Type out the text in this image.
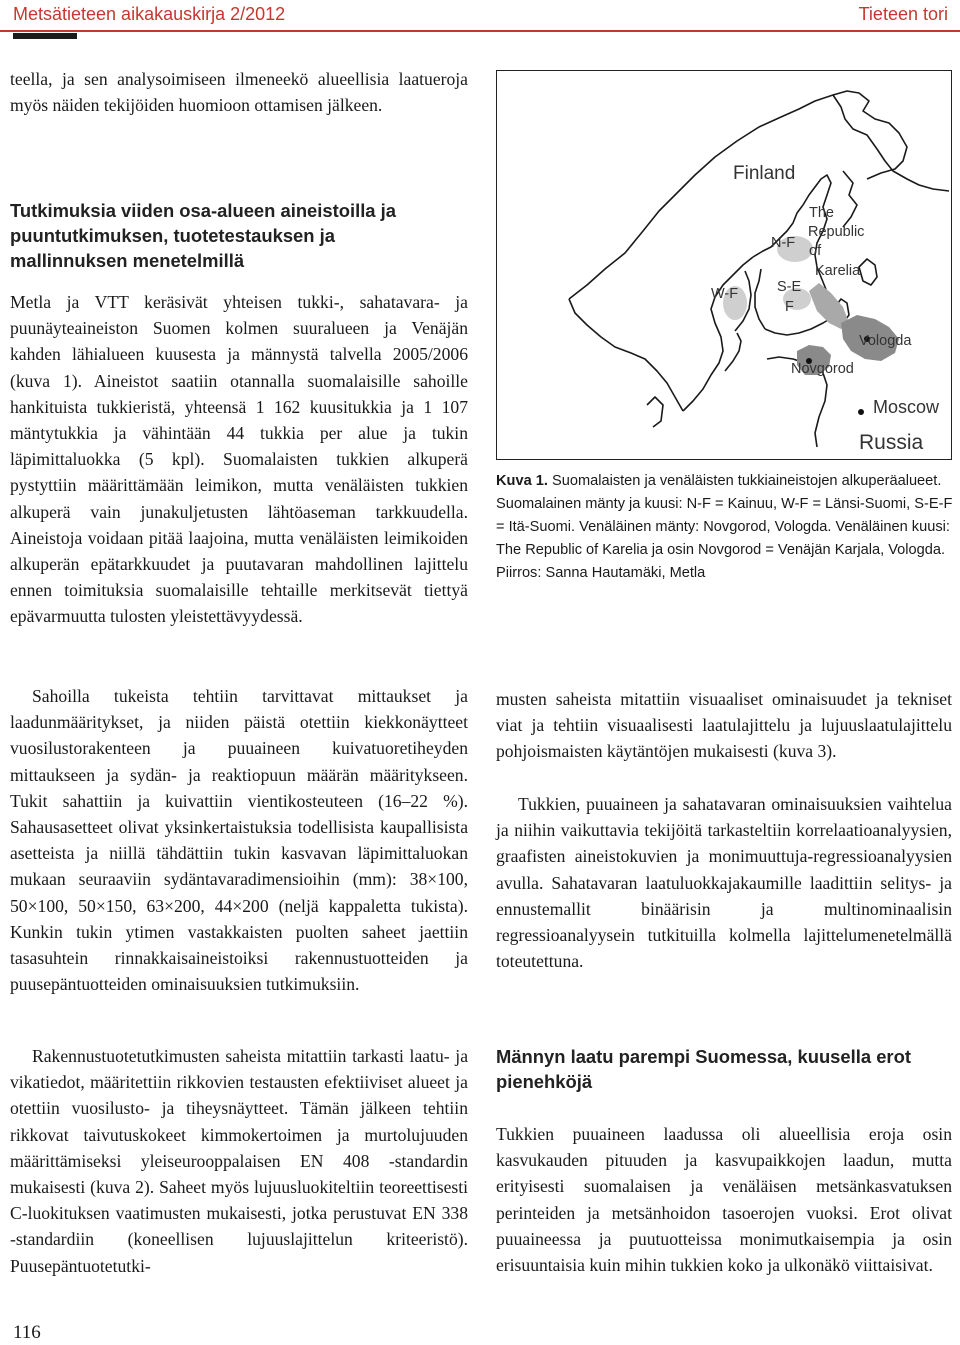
Metsätieteen aikakauskirja 2/2012	Tieteen tori

teella, ja sen analysoimiseen ilmeneekö alueellisia laatueroja myös näiden tekijöiden huomioon ottamisen jälkeen.

Tutkimuksia viiden osa-alueen aineistoilla ja puuntutkimuksen, tuotetestauksen ja mallinnuksen menetelmillä

Metla ja VTT keräsivät yhteisen tukki-, sahatavara- ja puunäyteaineiston Suomen kolmen suuralueen ja Venäjän kahden lähialueen kuusesta ja männystä talvella 2005/2006 (kuva 1). Aineistot saatiin otannalla suomalaisille sahoille hankituista tukkieristä, yhteensä 1 162 kuusitukkia ja 1 107 mäntytukkia ja vähintään 44 tukkia per alue ja tukin läpimittaluokka (5 kpl). Suomalaisten tukkien alkuperä pystyttiin määrittämään leimikon, mutta venäläisten tukkien alkuperä vain junakuljetusten lähtöaseman tarkkuudella. Aineistoja voidaan pitää laajoina, mutta venäläisten leimikoiden alkuperän epätarkkuudet ja puutavaran mahdollinen lajittelu ennen toimituksia suomalaisille tehtaille merkitsevät tiettyä epävarmuutta tulosten yleistettävyydessä.

Sahoilla tukeista tehtiin tarvittavat mittaukset ja laadunmääritykset, ja niiden päistä otettiin kiekkonäytteet vuosilustorakenteen ja puuaineen kuivatuoretiheyden mittaukseen ja sydän- ja reaktiopuun määrän määritykseen. Tukit sahattiin ja kuivattiin vientikosteuteen (16–22 %). Sahausasetteet olivat yksinkertaistuksia todellisista kaupallisista asetteista ja niillä tähdättiin tukin kasvavan läpimittaluokan mukaan seuraaviin sydäntavaradimensioihin (mm): 38×100, 50×100, 50×150, 63×200, 44×200 (neljä kappaletta tukista). Kunkin tukin ytimen vastakkaisten puolten saheet jaettiin tasasuhtein rinnakkaisaineistoiksi rakennustuotteiden ja puusepäntuotteiden ominaisuuksien tutkimuksiin.

Rakennustuotetutkimusten saheista mitattiin tarkasti laatu- ja vikatiedot, määritettiin rikkovien testausten efektiiviset alueet ja otettiin vuosilusto- ja tiheysnäytteet. Tämän jälkeen tehtiin rikkovat taivutuskokeet kimmokertoimen ja murtolujuuden määrittämiseksi yleiseurooppalaisen EN 408 -standardin mukaisesti (kuva 2). Saheet myös lujuusluokiteltiin teoreettisesti C-luokituksen vaatimusten mukaisesti, jotka perustuvat EN 338 -standardiin (koneellisen lujuuslajittelun kriteeristö). Puusepäntuotetutki-

Finland
The
Republic
of
Karelia
N-F
W-F	S-E
F
Vologda
Novgorod
Moscow
Russia

Kuva 1. Suomalaisten ja venäläisten tukkiaineistojen alkuperäalueet. Suomalainen mänty ja kuusi: N-F = Kainuu, W-F = Länsi-Suomi, S-E-F = Itä-Suomi. Venäläinen mänty: Novgorod, Vologda. Venäläinen kuusi: The Republic of Karelia ja osin Novgorod = Venäjän Karjala, Vologda. Piirros: Sanna Hautamäki, Metla

musten saheista mitattiin visuaaliset ominaisuudet ja tekniset viat ja tehtiin visuaalisesti laatulajittelu ja lujuuslaatulajittelu pohjoismaisten käytäntöjen mukaisesti (kuva 3).

Tukkien, puuaineen ja sahatavaran ominaisuuksien vaihtelua ja niihin vaikuttavia tekijöitä tarkasteltiin korrelaatioanalyysien, graafisten aineistokuvien ja monimuuttuja-regressioanalyysien avulla. Sahatavaran laatuluokkajakaumille laadittiin selitys- ja ennustemallit binäärisin ja multinominaalisin regressioanalyysein tutkituilla kolmella lajittelumenetelmällä toteutettuna.

Männyn laatu parempi Suomessa, kuusella erot pienehköjä

Tukkien puuaineen laadussa oli alueellisia eroja osin kasvukauden pituuden ja kasvupaikkojen laadun, mutta erityisesti suomalaisen ja venäläisen metsänkasvatuksen perinteiden ja metsänhoidon tasoerojen vuoksi. Erot olivat puuaineessa ja puutuotteissa monimutkaisempia ja osin erisuuntaisia kuin mihin tukkien koko ja ulkonäkö viittaisivat.

116
